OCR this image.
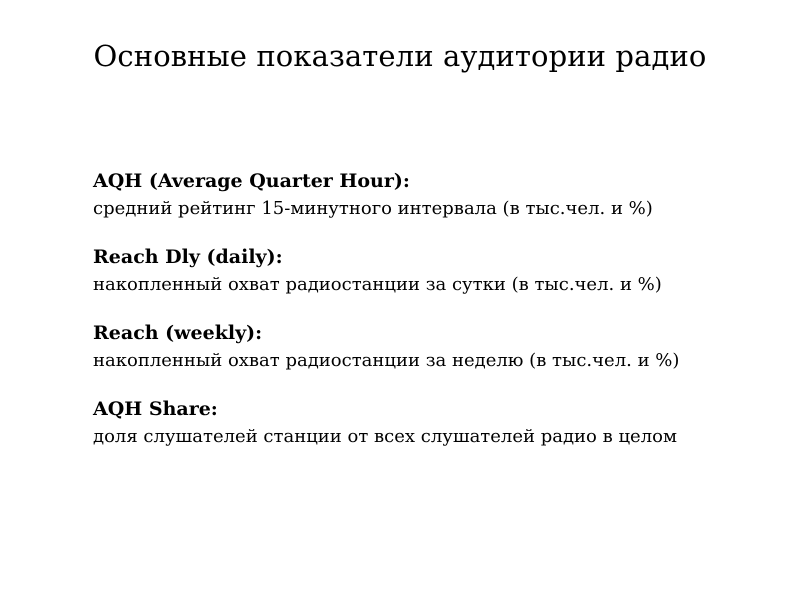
Основные показатели аудитории радио
AQH (Average Quarter Hour):
средний рейтинг 15-минутного интервала (в тыс.чел. и %)
Reach Dly (daily):
накопленный охват радиостанции за сутки (в тыс.чел. и %)
Reach (weekly):
накопленный охват радиостанции за неделю (в тыс.чел. и %)
AQH Share:
доля слушателей станции от всех слушателей радио в целом
